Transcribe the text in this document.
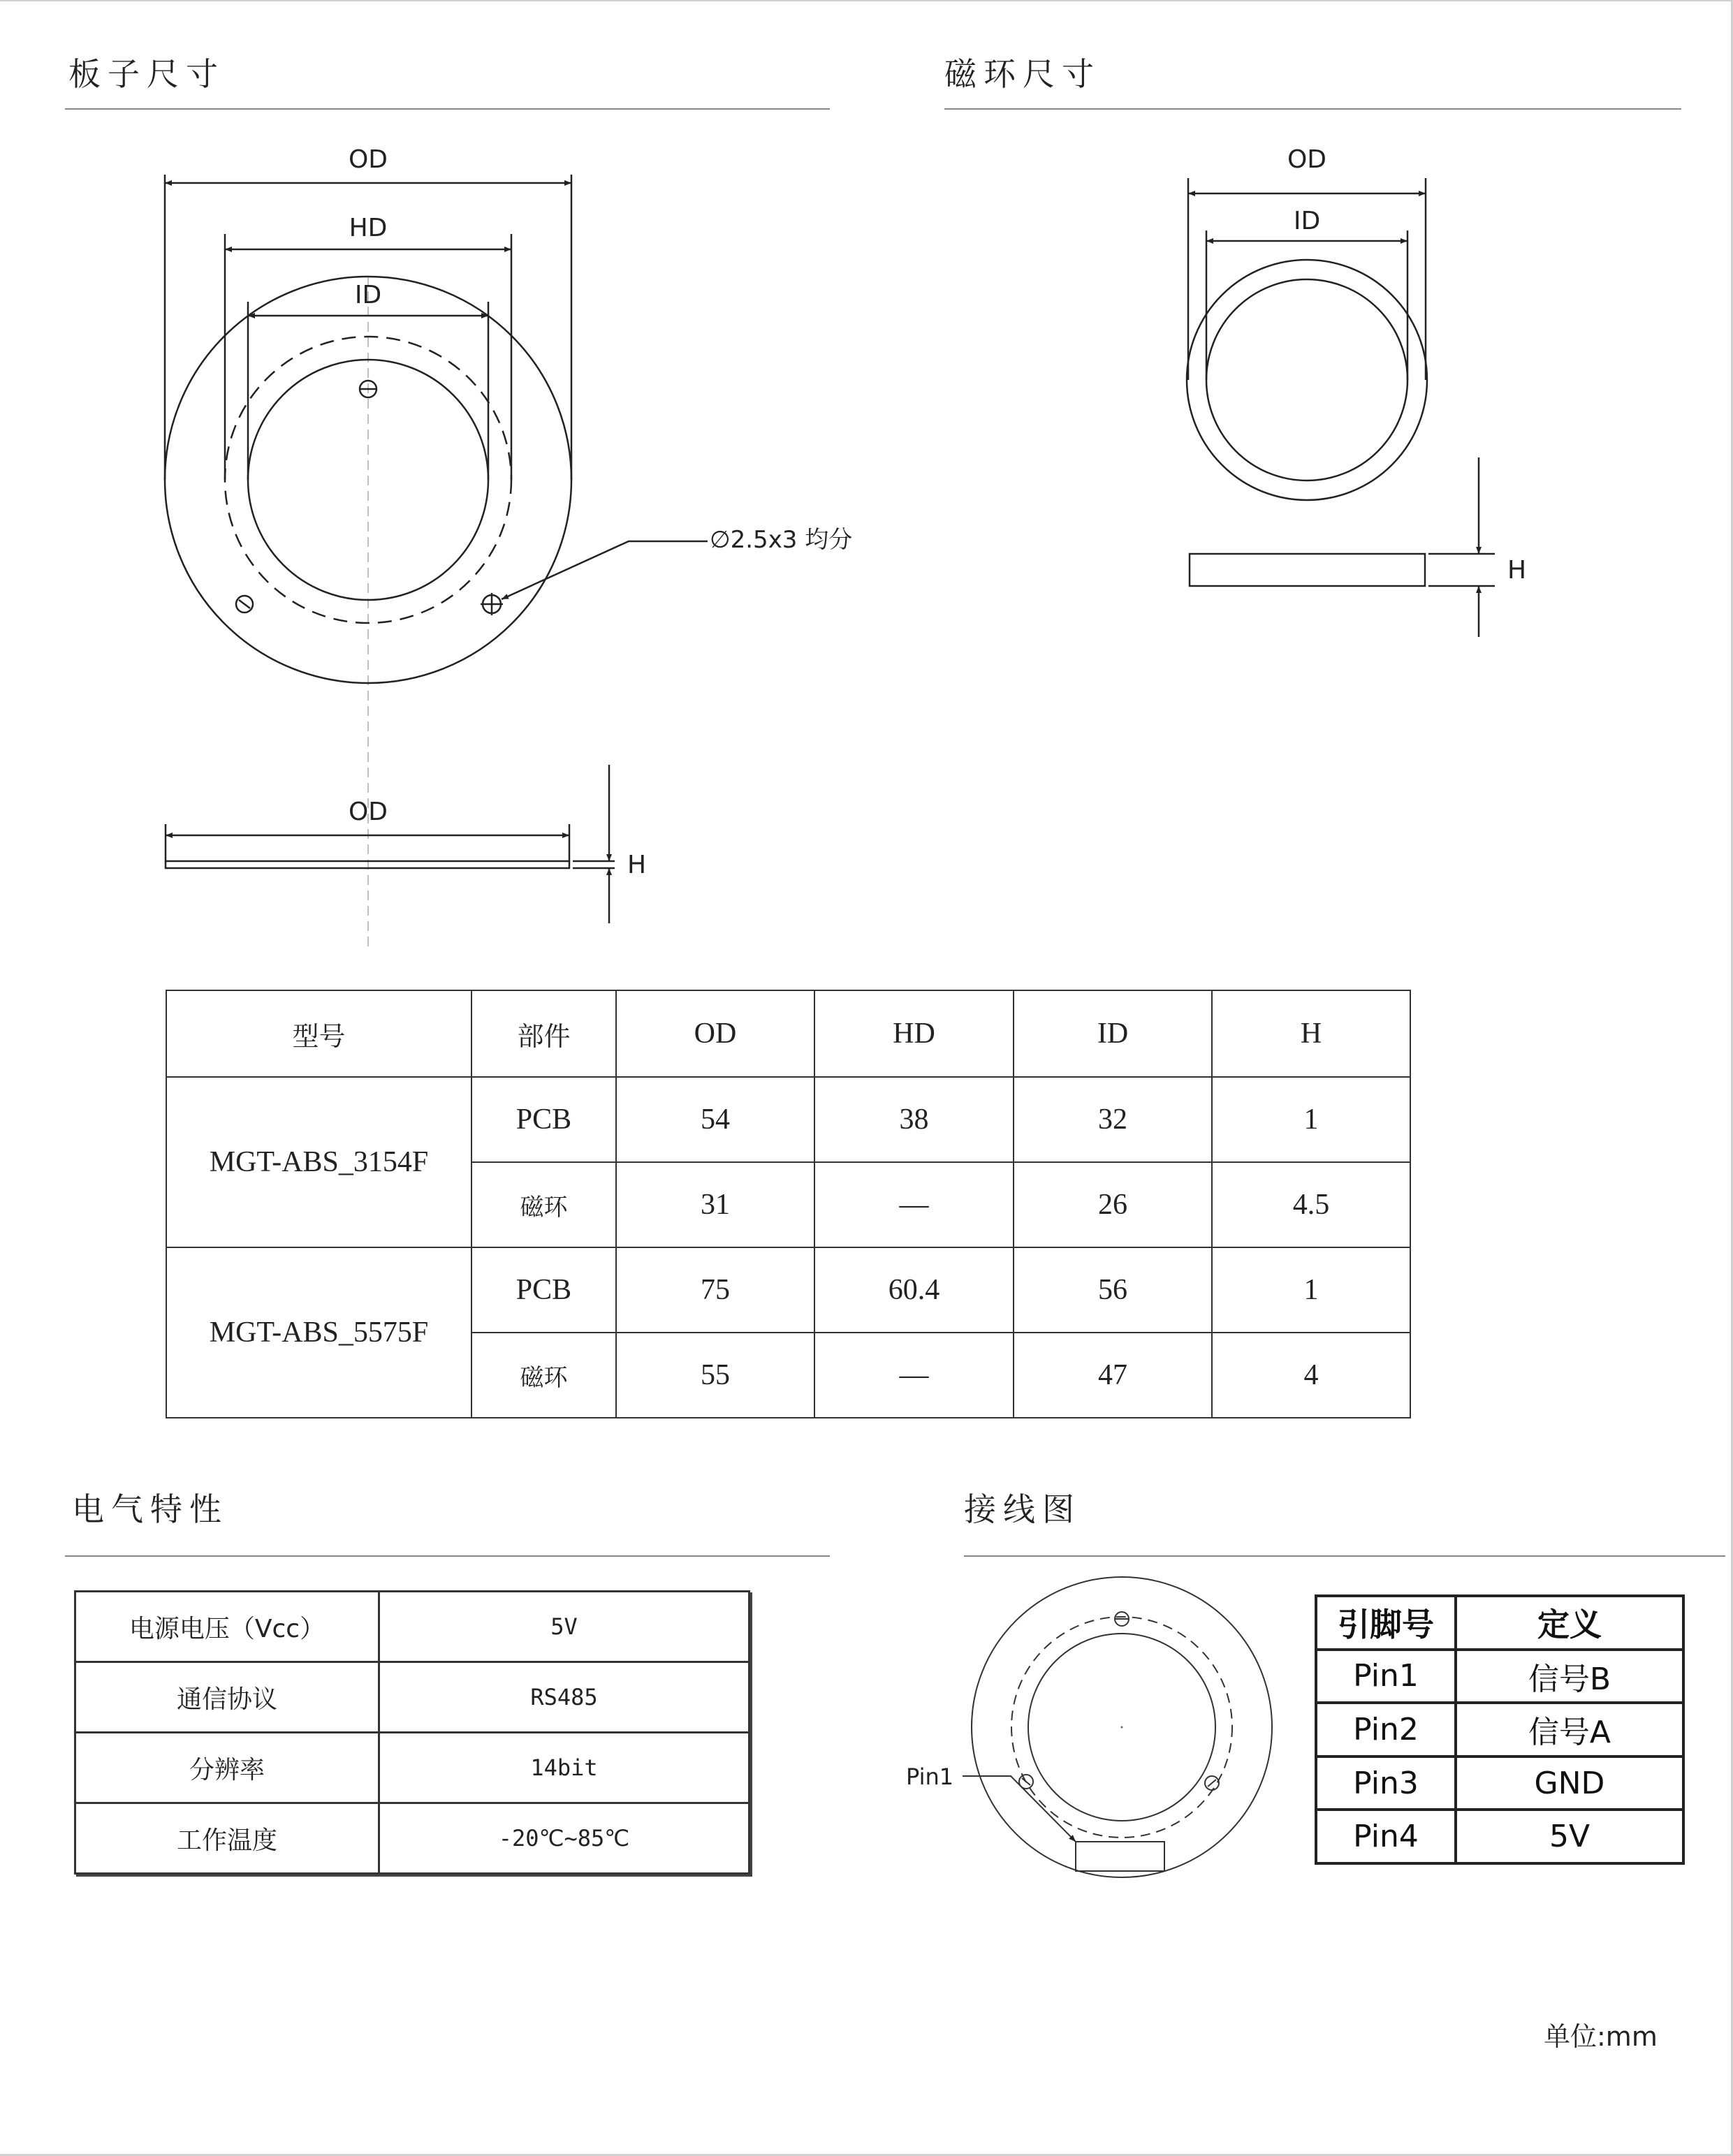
板子尺寸	磁环尺寸
电气特性	接线图
OD
HD
ID
∅2.5x3 均分
OD
H
OD
ID
H
Pin1
型号	部件	OD	HD	ID	H
MGT-ABS_3154F	PCB	54	38	32	1
	磁环	31	—	26	4.5
MGT-ABS_5575F	PCB	75	60.4	56	1
	磁环	55	—	47	4
电源电压（Vcc）	5V
通信协议	RS485
分辨率	14bit
工作温度	-20℃~85℃
引脚号	定义
Pin1	信号B
Pin2	信号A
Pin3	GND
Pin4	5V
单位:mm
